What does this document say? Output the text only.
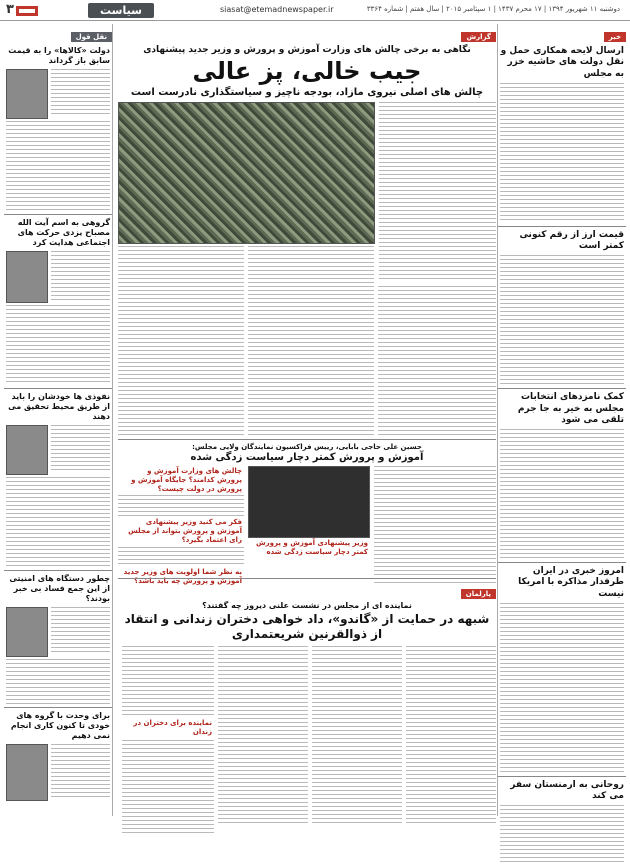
۳	سیاست	siasat@etemadnewspaper.ir	دوشنبه ۱۱ شهریور ۱۳۹۴ | ۱۷ محرم ۱۴۳۷ | ۱ سپتامبر ۲۰۱۵ | سال هفتم | شماره ۳۳۶۴
خبر
ارسال لایحه همکاری حمل و نقل دولت های حاشیه خزر به مجلس
قیمت ارز از رقم کنونی کمتر است
کمک نامزدهای انتخابات مجلس به خیر به جا جرم تلقی می شود
امروز خبری در ایران طرفدار مذاکره با امریکا نیست
روحانی به ارمنستان سفر می کند
نقل قول
دولت «کالاها» را به قیمت سابق باز گرداند
گروهی به اسم آیت الله مصباح یزدی حرکت های اجتماعی هدایت کرد
نفوذی ها خودشان را باید از طریق محیط تحقیق می دهند
چطور دستگاه های امنیتی از این جمع فساد بی خبر بودند؟
برای وحدت با گروه های خودی تا کنون کاری انجام نمی دهیم
گزارش
نگاهی به برخی چالش های وزارت آموزش و پرورش و وزیر جدید پیشنهادی
جیب خالی، پز عالی
چالش های اصلی نیروی مازاد، بودجه ناچیز و سیاستگذاری نادرست است
حسین علی حاجی بابایی، رییس فراکسیون نمایندگان ولایی مجلس:
آموزش و پرورش کمتر دچار سیاست زدگی شده
وزیر پیشنهادی آموزش و پرورش کمتر دچار سیاست زدگی شده
چالش های وزارت آموزش و پرورش کدامند؟ جایگاه آموزش و پرورش در دولت چیست؟
فکر می کنید وزیر پیشنهادی آموزش و پرورش بتواند از مجلس رای اعتماد بگیرد؟
به نظر شما اولویت های وزیر جدید آموزش و پرورش چه باید باشد؟
پارلمان
نماینده ای از مجلس در نشست علنی دیروز چه گفتند؟
شبهه در حمایت از «گاندو»، داد خواهی دختران زندانی و انتقاد از ذوالقرنین شریعتمداری
نماینده برای دختران در زندان
